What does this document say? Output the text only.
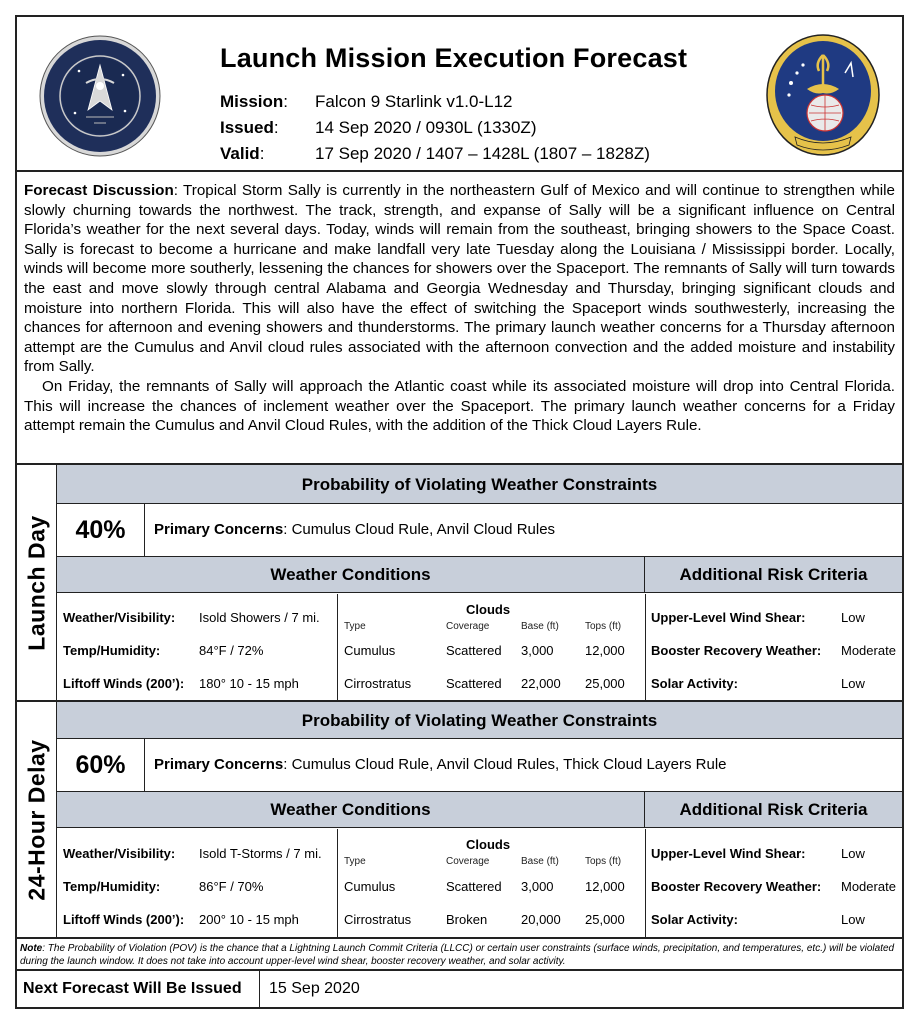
Launch Mission Execution Forecast
Mission: Falcon 9 Starlink v1.0-L12
Issued: 14 Sep 2020 / 0930L (1330Z)
Valid:	17 Sep 2020 / 1407 – 1428L (1807 – 1828Z)

Forecast Discussion: Tropical Storm Sally is currently in the northeastern Gulf of Mexico and will continue to strengthen while slowly churning towards the northwest. The track, strength, and expanse of Sally will be a significant influence on Central Florida’s weather for the next several days. Today, winds will remain from the southeast, bringing showers to the Space Coast. Sally is forecast to become a hurricane and make landfall very late Tuesday along the Louisiana / Mississippi border. Locally, winds will become more southerly, lessening the chances for showers over the Spaceport. The remnants of Sally will turn towards the east and move slowly through central Alabama and Georgia Wednesday and Thursday, bringing significant clouds and moisture into northern Florida. This will also have the effect of switching the Spaceport winds southwesterly, increasing the chances for afternoon and evening showers and thunderstorms. The primary launch weather concerns for a Thursday afternoon attempt are the Cumulus and Anvil cloud rules associated with the afternoon convection and the added moisture and instability from Sally.

On Friday, the remnants of Sally will approach the Atlantic coast while its associated moisture will drop into Central Florida. This will increase the chances of inclement weather over the Spaceport. The primary launch weather concerns for a Friday attempt remain the Cumulus and Anvil Cloud Rules, with the addition of the Thick Cloud Layers Rule.

Launch Day
Probability of Violating Weather Constraints
40%	Primary Concerns: Cumulus Cloud Rule, Anvil Cloud Rules
Weather Conditions	Additional Risk Criteria
Weather/Visibility: Isold Showers / 7 mi.
Temp/Humidity:	84°F / 72%
Liftoff Winds (200’): 180° 10 - 15 mph
Clouds
Type	Coverage	Base (ft)	Tops (ft)
Cumulus	Scattered 3,000 12,000
Cirrostratus	Scattered 22,000 25,000
Upper-Level Wind Shear:	Low
Booster Recovery Weather: Moderate
Solar Activity:	Low
24-Hour Delay
Probability of Violating Weather Constraints
60%	Primary Concerns: Cumulus Cloud Rule, Anvil Cloud Rules, Thick Cloud Layers Rule
Weather Conditions	Additional Risk Criteria
Weather/Visibility: Isold T-Storms / 7 mi.
Temp/Humidity:	86°F / 70%
Liftoff Winds (200’): 200° 10 - 15 mph
Clouds
Type	Coverage	Base (ft)	Tops (ft)
Cumulus	Scattered 3,000 12,000
Cirrostratus	Broken	20,000 25,000
Upper-Level Wind Shear:	Low
Booster Recovery Weather: Moderate
Solar Activity:	Low
Note: The Probability of Violation (POV) is the chance that a Lightning Launch Commit Criteria (LLCC) or certain user constraints (surface winds, precipitation, and temperatures, etc.) will be violated during the launch window. It does not take into account upper-level wind shear, booster recovery weather, and solar activity.
Next Forecast Will Be Issued	15 Sep 2020
